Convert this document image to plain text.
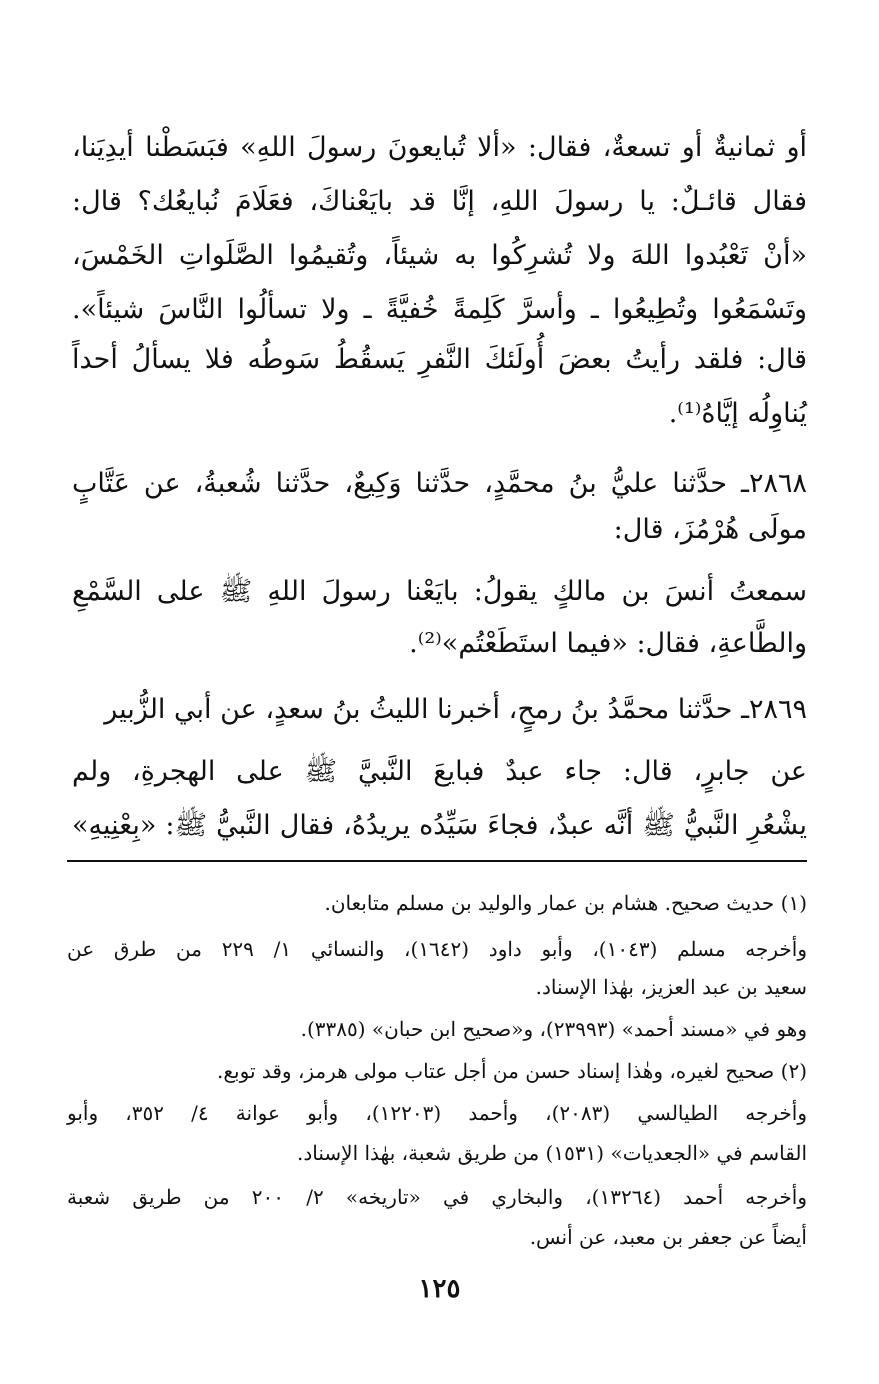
أو ثمانيةٌ أو تسعةٌ، فقال: «ألا تُبايعونَ رسولَ اللهِ» فبَسَطْنا أيدِيَنا،
فقال قائـلٌ: يا رسولَ اللهِ، إنَّا قد بايَعْناكَ، فعَلَامَ نُبايعُك؟ قال:
«أنْ تَعْبُدوا اللهَ ولا تُشرِكُوا به شيئاً، وتُقيمُوا الصَّلَواتِ الخَمْسَ،
وتَسْمَعُوا وتُطِيعُوا ـ وأسرَّ كَلِمةً خُفيَّةً ـ ولا تسألُوا النَّاسَ شيئاً».
قال: فلقد رأيتُ بعضَ أُولَئكَ النَّفرِ يَسقُطُ سَوطُه فلا يسألُ أحداً
يُناوِلُه إيَّاهُ⁽¹⁾.
٢٨٦٨ـ حدَّثنا عليُّ بنُ محمَّدٍ، حدَّثنا وَكِيعٌ، حدَّثنا شُعبةُ، عن عَتَّابٍ
مولَى هُرْمُزَ، قال:
سمعتُ أنسَ بن مالكٍ يقولُ: بايَعْنا رسولَ اللهِ ﷺ على السَّمْعِ
والطَّاعةِ، فقال: «فيما استَطَعْتُم»⁽²⁾.
٢٨٦٩ـ حدَّثنا محمَّدُ بنُ رمحٍ، أخبرنا الليثُ بنُ سعدٍ، عن أبي الزُّبير
عن جابرٍ، قال: جاء عبدٌ فبايعَ النَّبيَّ ﷺ على الهجرةِ، ولم
يشْعُرِ النَّبيُّ ﷺ أنَّه عبدٌ، فجاءَ سَيِّدُه يريدُهُ، فقال النَّبيُّ ﷺ: «بِعْنِيهِ»
(١) حديث صحيح. هشام بن عمار والوليد بن مسلم متابعان.
وأخرجه مسلم (١٠٤٣)، وأبو داود (١٦٤٢)، والنسائي ١/ ٢٢٩ من طرق عن
سعيد بن عبد العزيز، بهٰذا الإسناد.
وهو في «مسند أحمد» (٢٣٩٩٣)، و«صحيح ابن حبان» (٣٣٨٥).
(٢) صحيح لغيره، وهٰذا إسناد حسن من أجل عتاب مولى هرمز، وقد توبع.
وأخرجه الطيالسي (٢٠٨٣)، وأحمد (١٢٢٠٣)، وأبو عوانة ٤/ ٣٥٢، وأبو
القاسم في «الجعديات» (١٥٣١) من طريق شعبة، بهٰذا الإسناد.
وأخرجه أحمد (١٣٢٦٤)، والبخاري في «تاريخه» ٢/ ٢٠٠ من طريق شعبة
أيضاً عن جعفر بن معبد، عن أنس.
١٢٥
